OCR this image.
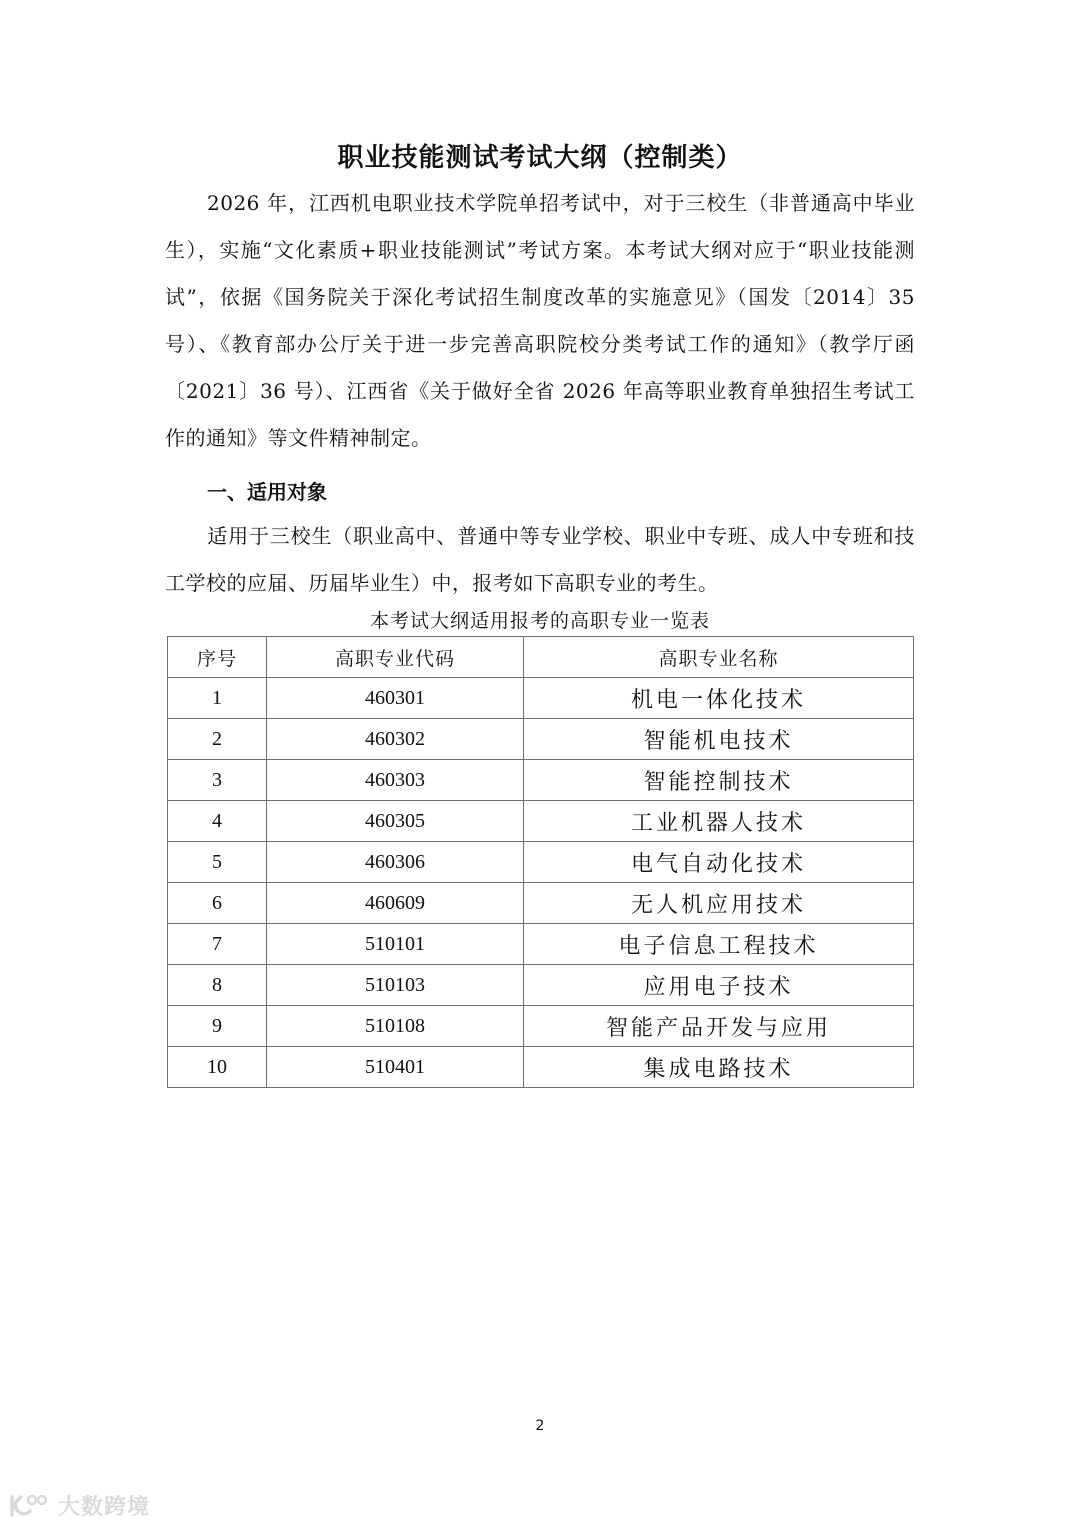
职业技能测试考试大纲（控制类）
2026 年，江西机电职业技术学院单招考试中，对于三校生（非普通高中毕业生），实施“文化素质+职业技能测试”考试方案。本考试大纲对应于“职业技能测试”，依据《国务院关于深化考试招生制度改革的实施意见》（国发〔2014〕35 号）、《教育部办公厅关于进一步完善高职院校分类考试工作的通知》（教学厅函〔2021〕36 号）、江西省《关于做好全省 2026 年高等职业教育单独招生考试工作的通知》等文件精神制定。
一、适用对象
适用于三校生（职业高中、普通中等专业学校、职业中专班、成人中专班和技工学校的应届、历届毕业生）中，报考如下高职专业的考生。
本考试大纲适用报考的高职专业一览表
序号	高职专业代码	高职专业名称
1	460301	机电一体化技术
2	460302	智能机电技术
3	460303	智能控制技术
4	460305	工业机器人技术
5	460306	电气自动化技术
6	460609	无人机应用技术
7	510101	电子信息工程技术
8	510103	应用电子技术
9	510108	智能产品开发与应用
10	510401	集成电路技术
2
大数跨境
